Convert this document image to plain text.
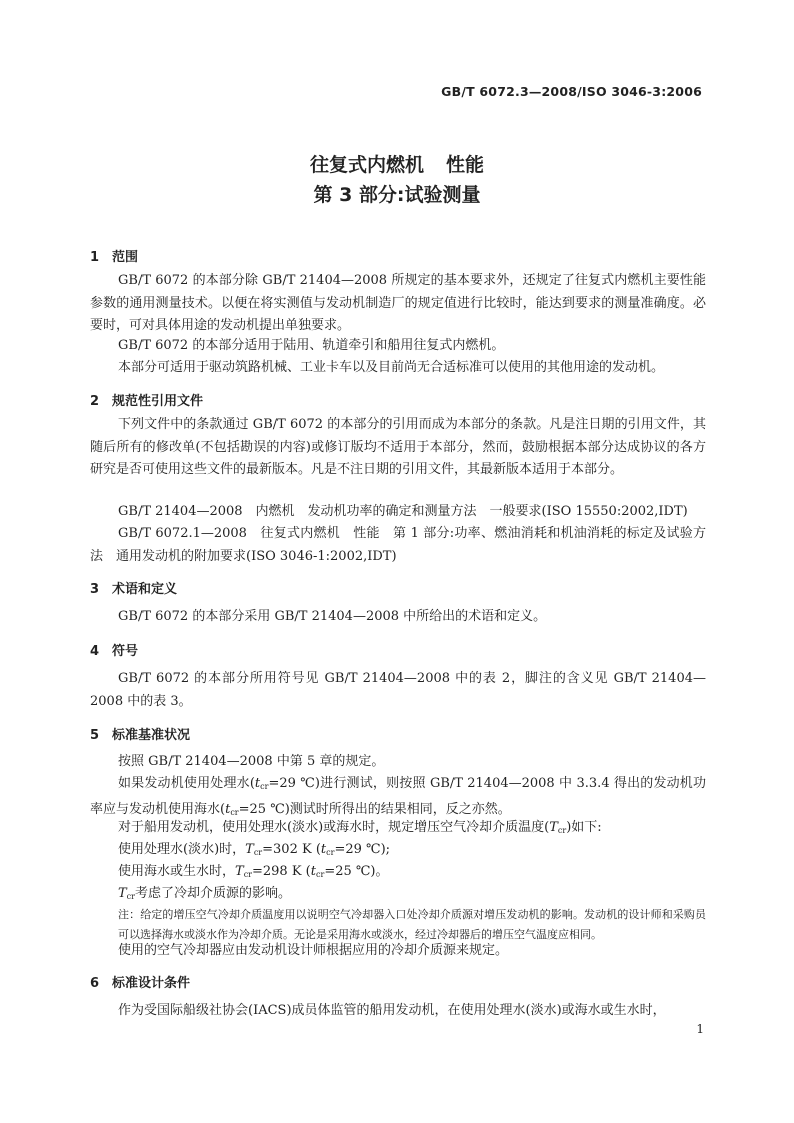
GB/T 6072.3—2008/ISO 3046-3:2006
往复式内燃机 性能
第 3 部分:试验测量
1 范围
GB/T 6072 的本部分除 GB/T 21404—2008 所规定的基本要求外，还规定了往复式内燃机主要性能参数的通用测量技术。以便在将实测值与发动机制造厂的规定值进行比较时，能达到要求的测量准确度。必要时，可对具体用途的发动机提出单独要求。
GB/T 6072 的本部分适用于陆用、轨道牵引和船用往复式内燃机。
本部分可适用于驱动筑路机械、工业卡车以及目前尚无合适标准可以使用的其他用途的发动机。
2 规范性引用文件
下列文件中的条款通过 GB/T 6072 的本部分的引用而成为本部分的条款。凡是注日期的引用文件，其随后所有的修改单(不包括勘误的内容)或修订版均不适用于本部分，然而，鼓励根据本部分达成协议的各方研究是否可使用这些文件的最新版本。凡是不注日期的引用文件，其最新版本适用于本部分。
GB/T 21404—2008　内燃机　发动机功率的确定和测量方法　一般要求(ISO 15550:2002,IDT)
GB/T 6072.1—2008　往复式内燃机　性能　第 1 部分:功率、燃油消耗和机油消耗的标定及试验方法　通用发动机的附加要求(ISO 3046-1:2002,IDT)
3 术语和定义
GB/T 6072 的本部分采用 GB/T 21404—2008 中所给出的术语和定义。
4 符号
GB/T 6072 的本部分所用符号见 GB/T 21404—2008 中的表 2，脚注的含义见 GB/T 21404—2008 中的表 3。
5 标准基准状况
按照 GB/T 21404—2008 中第 5 章的规定。
如果发动机使用处理水($t_{cr}=29$ ℃)进行测试，则按照 GB/T 21404—2008 中 3.3.4 得出的发动机功率应与发动机使用海水($t_{cr}=25$ ℃)测试时所得出的结果相同，反之亦然。
对于船用发动机，使用处理水(淡水)或海水时，规定增压空气冷却介质温度$(T_{cr})$如下:
使用处理水(淡水)时，$T_{cr}=302$ K ($t_{cr}=29$ ℃);
使用海水或生水时，$T_{cr}=298$ K ($t_{cr}=25$ ℃)。
$T_{cr}$考虑了冷却介质源的影响。
注：给定的增压空气冷却介质温度用以说明空气冷却器入口处冷却介质源对增压发动机的影响。发动机的设计师和采购员可以选择海水或淡水作为冷却介质。无论是采用海水或淡水，经过冷却器后的增压空气温度应相同。
使用的空气冷却器应由发动机设计师根据应用的冷却介质源来规定。
6 标准设计条件
作为受国际船级社协会(IACS)成员体监管的船用发动机，在使用处理水(淡水)或海水或生水时，
1
